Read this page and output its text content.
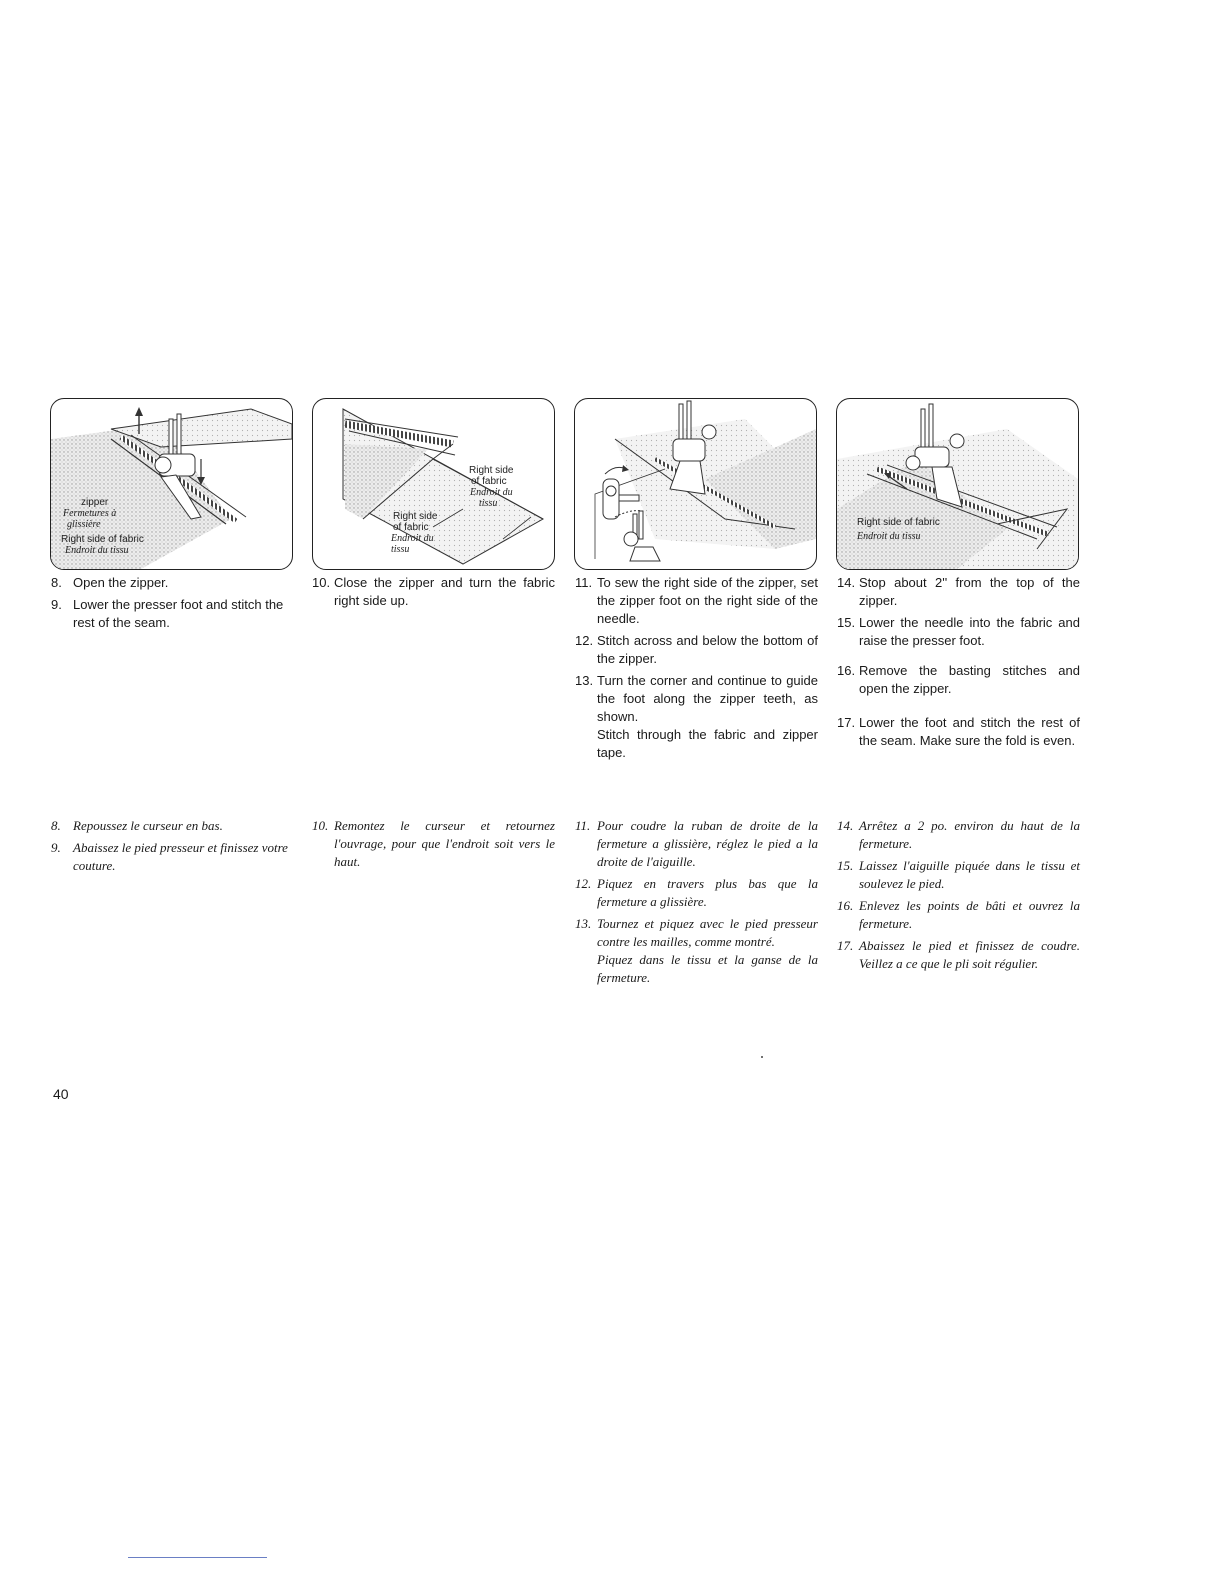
zipper
Fermetures à
glissière
Right side of fabric
Endroit du tissu
Right side
of fabric
Endroit du
tissu
Right side
of fabric
Endroit du
tissu
Right side of fabric
Endroit du tissu
8. Open the zipper.
9. Lower the presser foot and stitch the rest of the seam.
10. Close the zipper and turn the fabric right side up.
11. To sew the right side of the zipper, set the zipper foot on the right side of the needle.
12. Stitch across and below the bottom of the zipper.
13. Turn the corner and continue to guide the foot along the zipper teeth, as shown.
Stitch through the fabric and zipper tape.
14. Stop about 2'' from the top of the zipper.
15. Lower the needle into the fabric and raise the presser foot.
16. Remove the basting stitches and open the zipper.
17. Lower the foot and stitch the rest of the seam. Make sure the fold is even.
8. Repoussez le curseur en bas.
9. Abaissez le pied presseur et finissez votre couture.
10. Remontez le curseur et retournez l'ouvrage, pour que l'endroit soit vers le haut.
11. Pour coudre la ruban de droite de la fermeture a glissière, réglez le pied a la droite de l'aiguille.
12. Piquez en travers plus bas que la fermeture a glissière.
13. Tournez et piquez avec le pied presseur contre les mailles, comme montré.
Piquez dans le tissu et la ganse de la fermeture.
14. Arrêtez a 2 po. environ du haut de la fermeture.
15. Laissez l'aiguille piquée dans le tissu et soulevez le pied.
16. Enlevez les points de bâti et ouvrez la fermeture.
17. Abaissez le pied et finissez de coudre. Veillez a ce que le pli soit régulier.
40
